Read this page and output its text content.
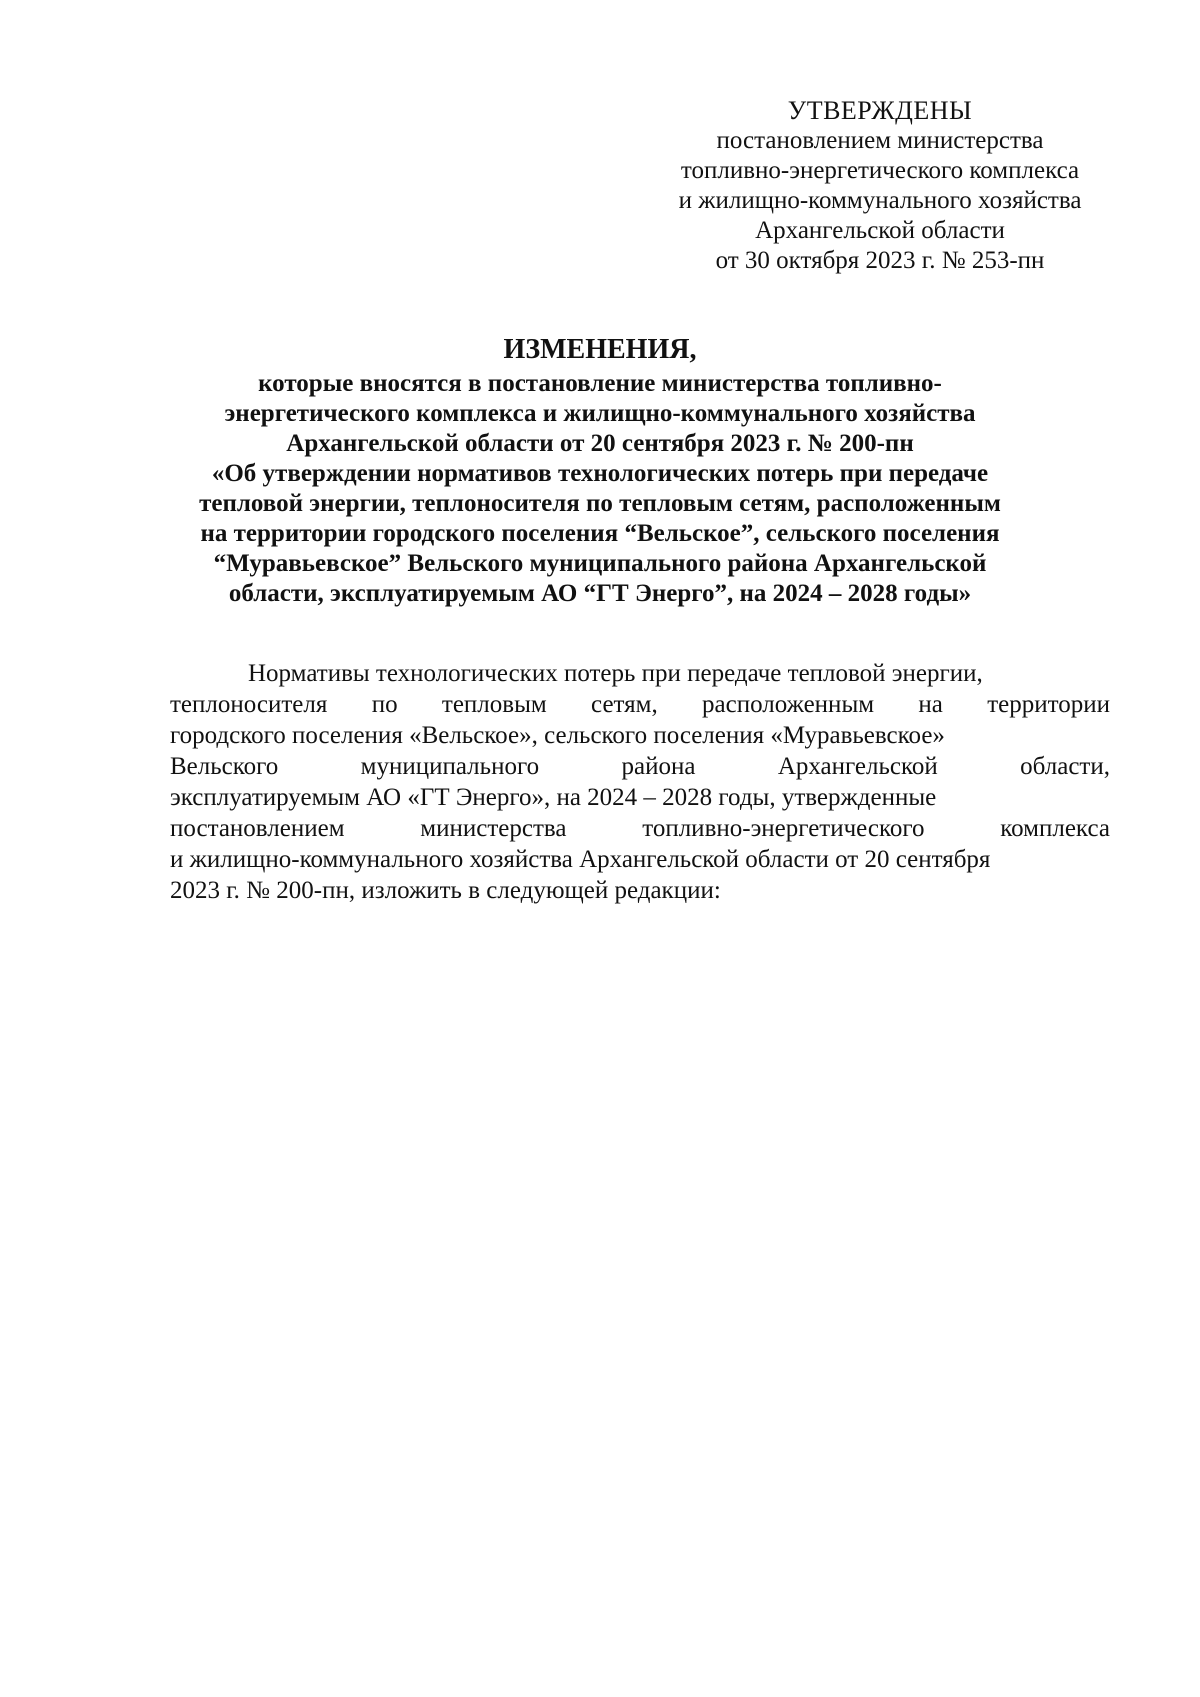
УТВЕРЖДЕНЫ
постановлением министерства
топливно-энергетического комплекса
и жилищно-коммунального хозяйства
Архангельской области
от 30 октября 2023 г. № 253-пн
ИЗМЕНЕНИЯ,
которые вносятся в постановление министерства топливно-
энергетического комплекса и жилищно-коммунального хозяйства
Архангельской области от 20 сентября 2023 г. № 200-пн
«Об утверждении нормативов технологических потерь при передаче
тепловой энергии, теплоносителя по тепловым сетям, расположенным
на территории городского поселения “Вельское”, сельского поселения
“Муравьевское” Вельского муниципального района Архангельской
области, эксплуатируемым АО “ГТ Энерго”, на 2024 – 2028 годы»
Нормативы технологических потерь при передаче тепловой энергии,
теплоносителя по тепловым сетям, расположенным на территории
городского поселения «Вельское», сельского поселения «Муравьевское»
Вельского	муниципального	района	Архангельской	области,
эксплуатируемым АО «ГТ Энерго», на 2024 – 2028 годы, утвержденные
постановлением	министерства	топливно-энергетического	комплекса
и жилищно-коммунального хозяйства Архангельской области от 20 сентября
2023 г. № 200-пн, изложить в следующей редакции:
